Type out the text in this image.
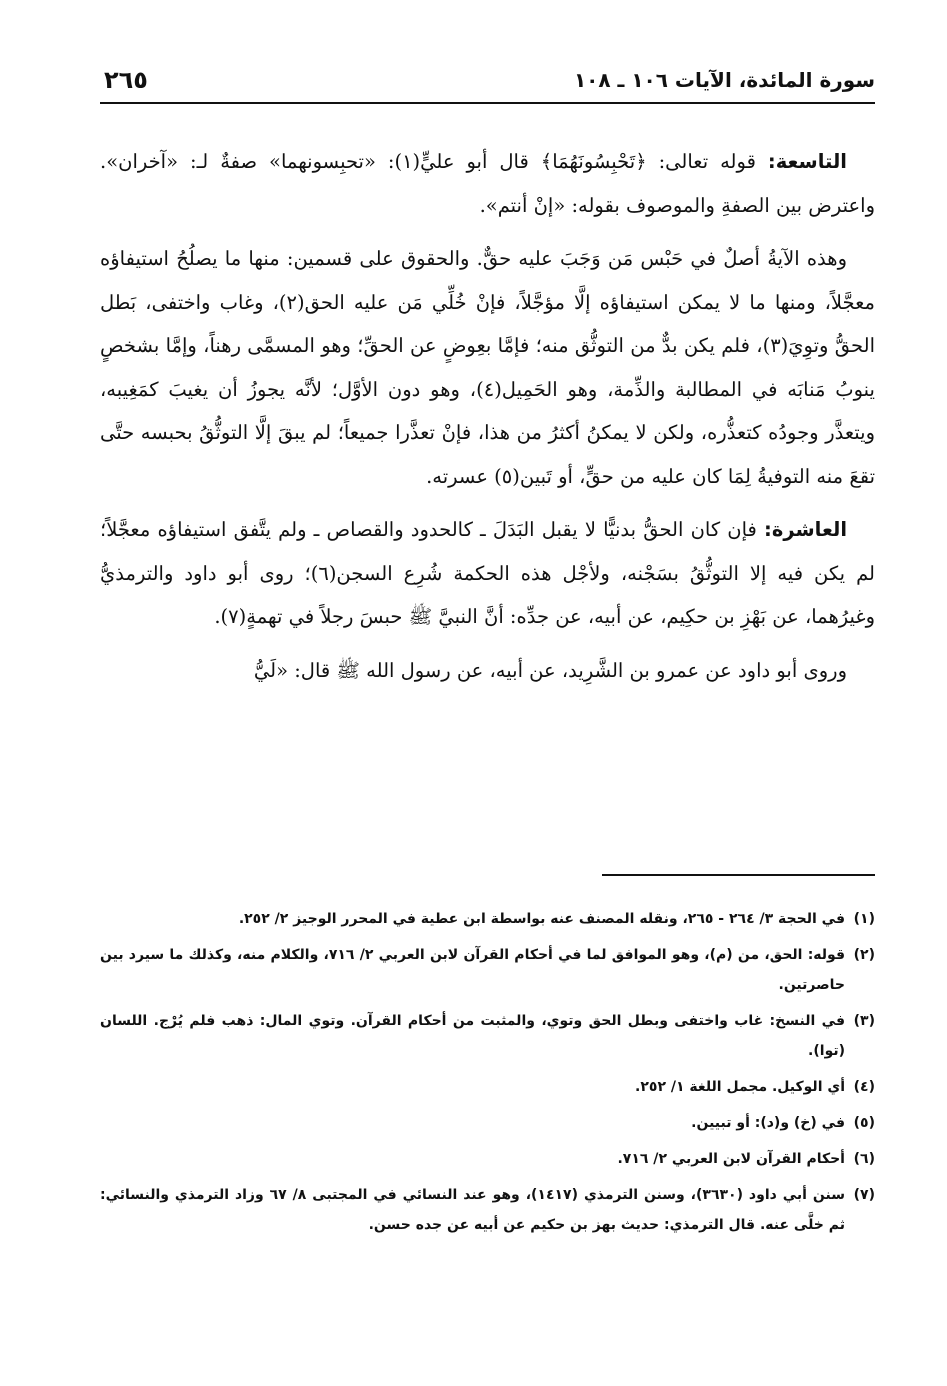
٢٦٥	سورة المائدة، الآيات ١٠٦ ـ ١٠٨

التاسعة: قوله تعالى: ﴿تَحْبِسُونَهُمَا﴾ قال أبو عليٍّ(١): «تحبِسونهما» صفةٌ لـ: «آخران». واعترض بين الصفةِ والموصوف بقوله: «إنْ أنتم».

وهذه الآيةُ أصلٌ في حَبْس مَن وَجَبَ عليه حقٌّ. والحقوق على قسمين: منها ما يصلُحُ استيفاؤه معجَّلاً، ومنها ما لا يمكن استيفاؤه إلَّا مؤجَّلاً، فإنْ خُلِّي مَن عليه الحق(٢)، وغاب واختفى، بَطل الحقُّ وتوِيَ(٣)، فلم يكن بدٌّ من التوثُّق منه؛ فإمَّا بعِوضٍ عن الحقِّ؛ وهو المسمَّى رهناً، وإمَّا بشخصٍ ينوبُ مَنابَه في المطالبة والذِّمة، وهو الحَمِيل(٤)، وهو دون الأوَّل؛ لأنَّه يجوزُ أن يغيبَ كمَغِيبه، ويتعذَّر وجودُه كتعذُّره، ولكن لا يمكنُ أكثرُ من هذا، فإنْ تعذَّرا جميعاً؛ لم يبقَ إلَّا التوثُّقُ بحبسه حتَّى تقعَ منه التوفيةُ لِمَا كان عليه من حقٍّ، أو تَبين(٥) عسرته.

العاشرة: فإن كان الحقُّ بدنيًّا لا يقبل البَدَلَ ـ كالحدود والقصاص ـ ولم يتَّفق استيفاؤه معجَّلاً؛ لم يكن فيه إلا التوثُّقُ بسَجْنه، ولأجْل هذه الحكمة شُرِع السجن(٦)؛ روى أبو داود والترمذيُّ وغيرُهما، عن بَهْزِ بن حكِيم، عن أبيه، عن جدِّه: أنَّ النبيَّ ﷺ حبسَ رجلاً في تهمةٍ(٧).

وروى أبو داود عن عمرو بن الشَّرِيد، عن أبيه، عن رسول الله ﷺ قال: «لَيُّ

(١)
في الحجة ٣/ ٢٦٤ - ٢٦٥، ونقله المصنف عنه بواسطة ابن عطية في المحرر الوجيز ٢/ ٢٥٢.
(٢)
قوله: الحق، من (م)، وهو الموافق لما في أحكام القرآن لابن العربي ٢/ ٧١٦، والكلام منه، وكذلك ما سيرد بين حاصرتين.
(٣)
في النسخ: غاب واختفى وبطل الحق وتوي، والمثبت من أحكام القرآن. وتوي المال: ذهب فلم يُرْج. اللسان (توا).
(٤)
أي الوكيل. مجمل اللغة ١/ ٢٥٢.
(٥)
في (خ) و(د): أو تبيين.
(٦)
أحكام القرآن لابن العربي ٢/ ٧١٦.
(٧)
سنن أبي داود (٣٦٣٠)، وسنن الترمذي (١٤١٧)، وهو عند النسائي في المجتبى ٨/ ٦٧ وزاد الترمذي والنسائي: ثم خلَّى عنه. قال الترمذي: حديث بهز بن حكيم عن أبيه عن جده حسن.
